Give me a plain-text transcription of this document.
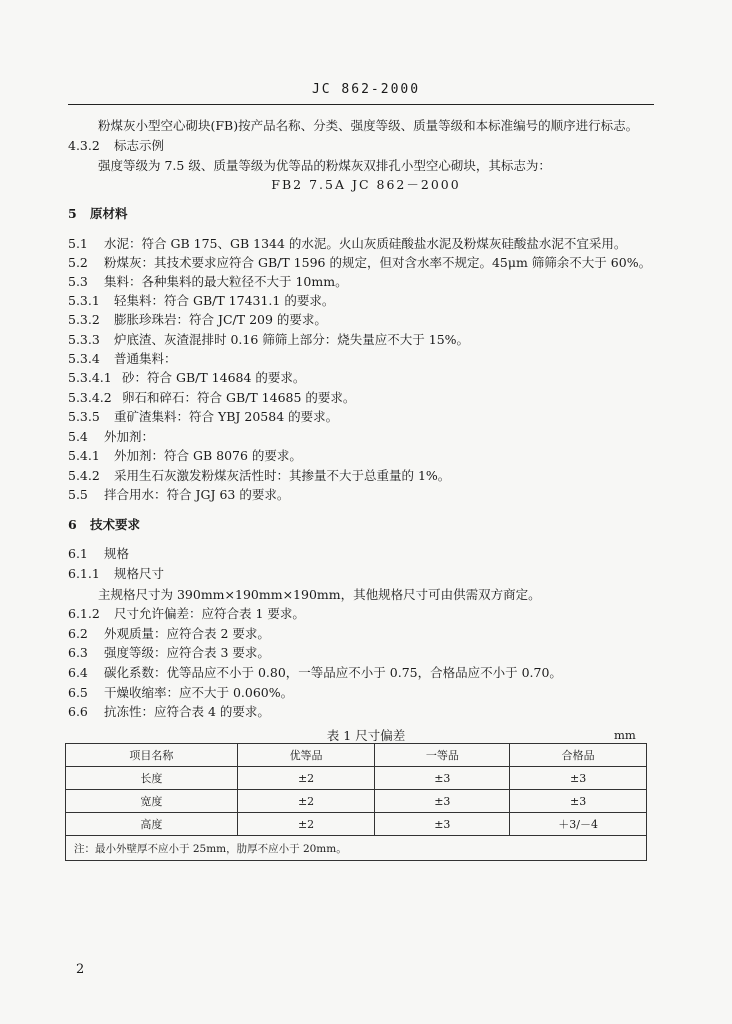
JC 862-2000
粉煤灰小型空心砌块(FB)按产品名称、分类、强度等级、质量等级和本标准编号的顺序进行标志。
4.3.2 标志示例
强度等级为 7.5 级、质量等级为优等品的粉煤灰双排孔小型空心砌块，其标志为：
FB2 7.5A JC 862－2000
5 原材料
5.1 水泥：符合 GB 175、GB 1344 的水泥。火山灰质硅酸盐水泥及粉煤灰硅酸盐水泥不宜采用。
5.2 粉煤灰：其技术要求应符合 GB/T 1596 的规定，但对含水率不规定。45μm 筛筛余不大于 60%。
5.3 集料：各种集料的最大粒径不大于 10mm。
5.3.1 轻集料：符合 GB/T 17431.1 的要求。
5.3.2 膨胀珍珠岩：符合 JC/T 209 的要求。
5.3.3 炉底渣、灰渣混排时 0.16 筛筛上部分：烧失量应不大于 15%。
5.3.4 普通集料：
5.3.4.1 砂：符合 GB/T 14684 的要求。
5.3.4.2 卵石和碎石：符合 GB/T 14685 的要求。
5.3.5 重矿渣集料：符合 YBJ 20584 的要求。
5.4 外加剂：
5.4.1 外加剂：符合 GB 8076 的要求。
5.4.2 采用生石灰激发粉煤灰活性时：其掺量不大于总重量的 1%。
5.5 拌合用水：符合 JGJ 63 的要求。
6 技术要求
6.1 规格
6.1.1 规格尺寸
主规格尺寸为 390mm×190mm×190mm，其他规格尺寸可由供需双方商定。
6.1.2 尺寸允许偏差：应符合表 1 要求。
6.2 外观质量：应符合表 2 要求。
6.3 强度等级：应符合表 3 要求。
6.4 碳化系数：优等品应不小于 0.80，一等品应不小于 0.75，合格品应不小于 0.70。
6.5 干燥收缩率：应不大于 0.060%。
6.6 抗冻性：应符合表 4 的要求。
表 1 尺寸偏差	mm
项目名称	优等品	一等品	合格品
长度	±2	±3	±3
宽度	±2	±3	±3
高度	±2	±3	＋3/－4
注：最小外壁厚不应小于 25mm，肋厚不应小于 20mm。			
2
